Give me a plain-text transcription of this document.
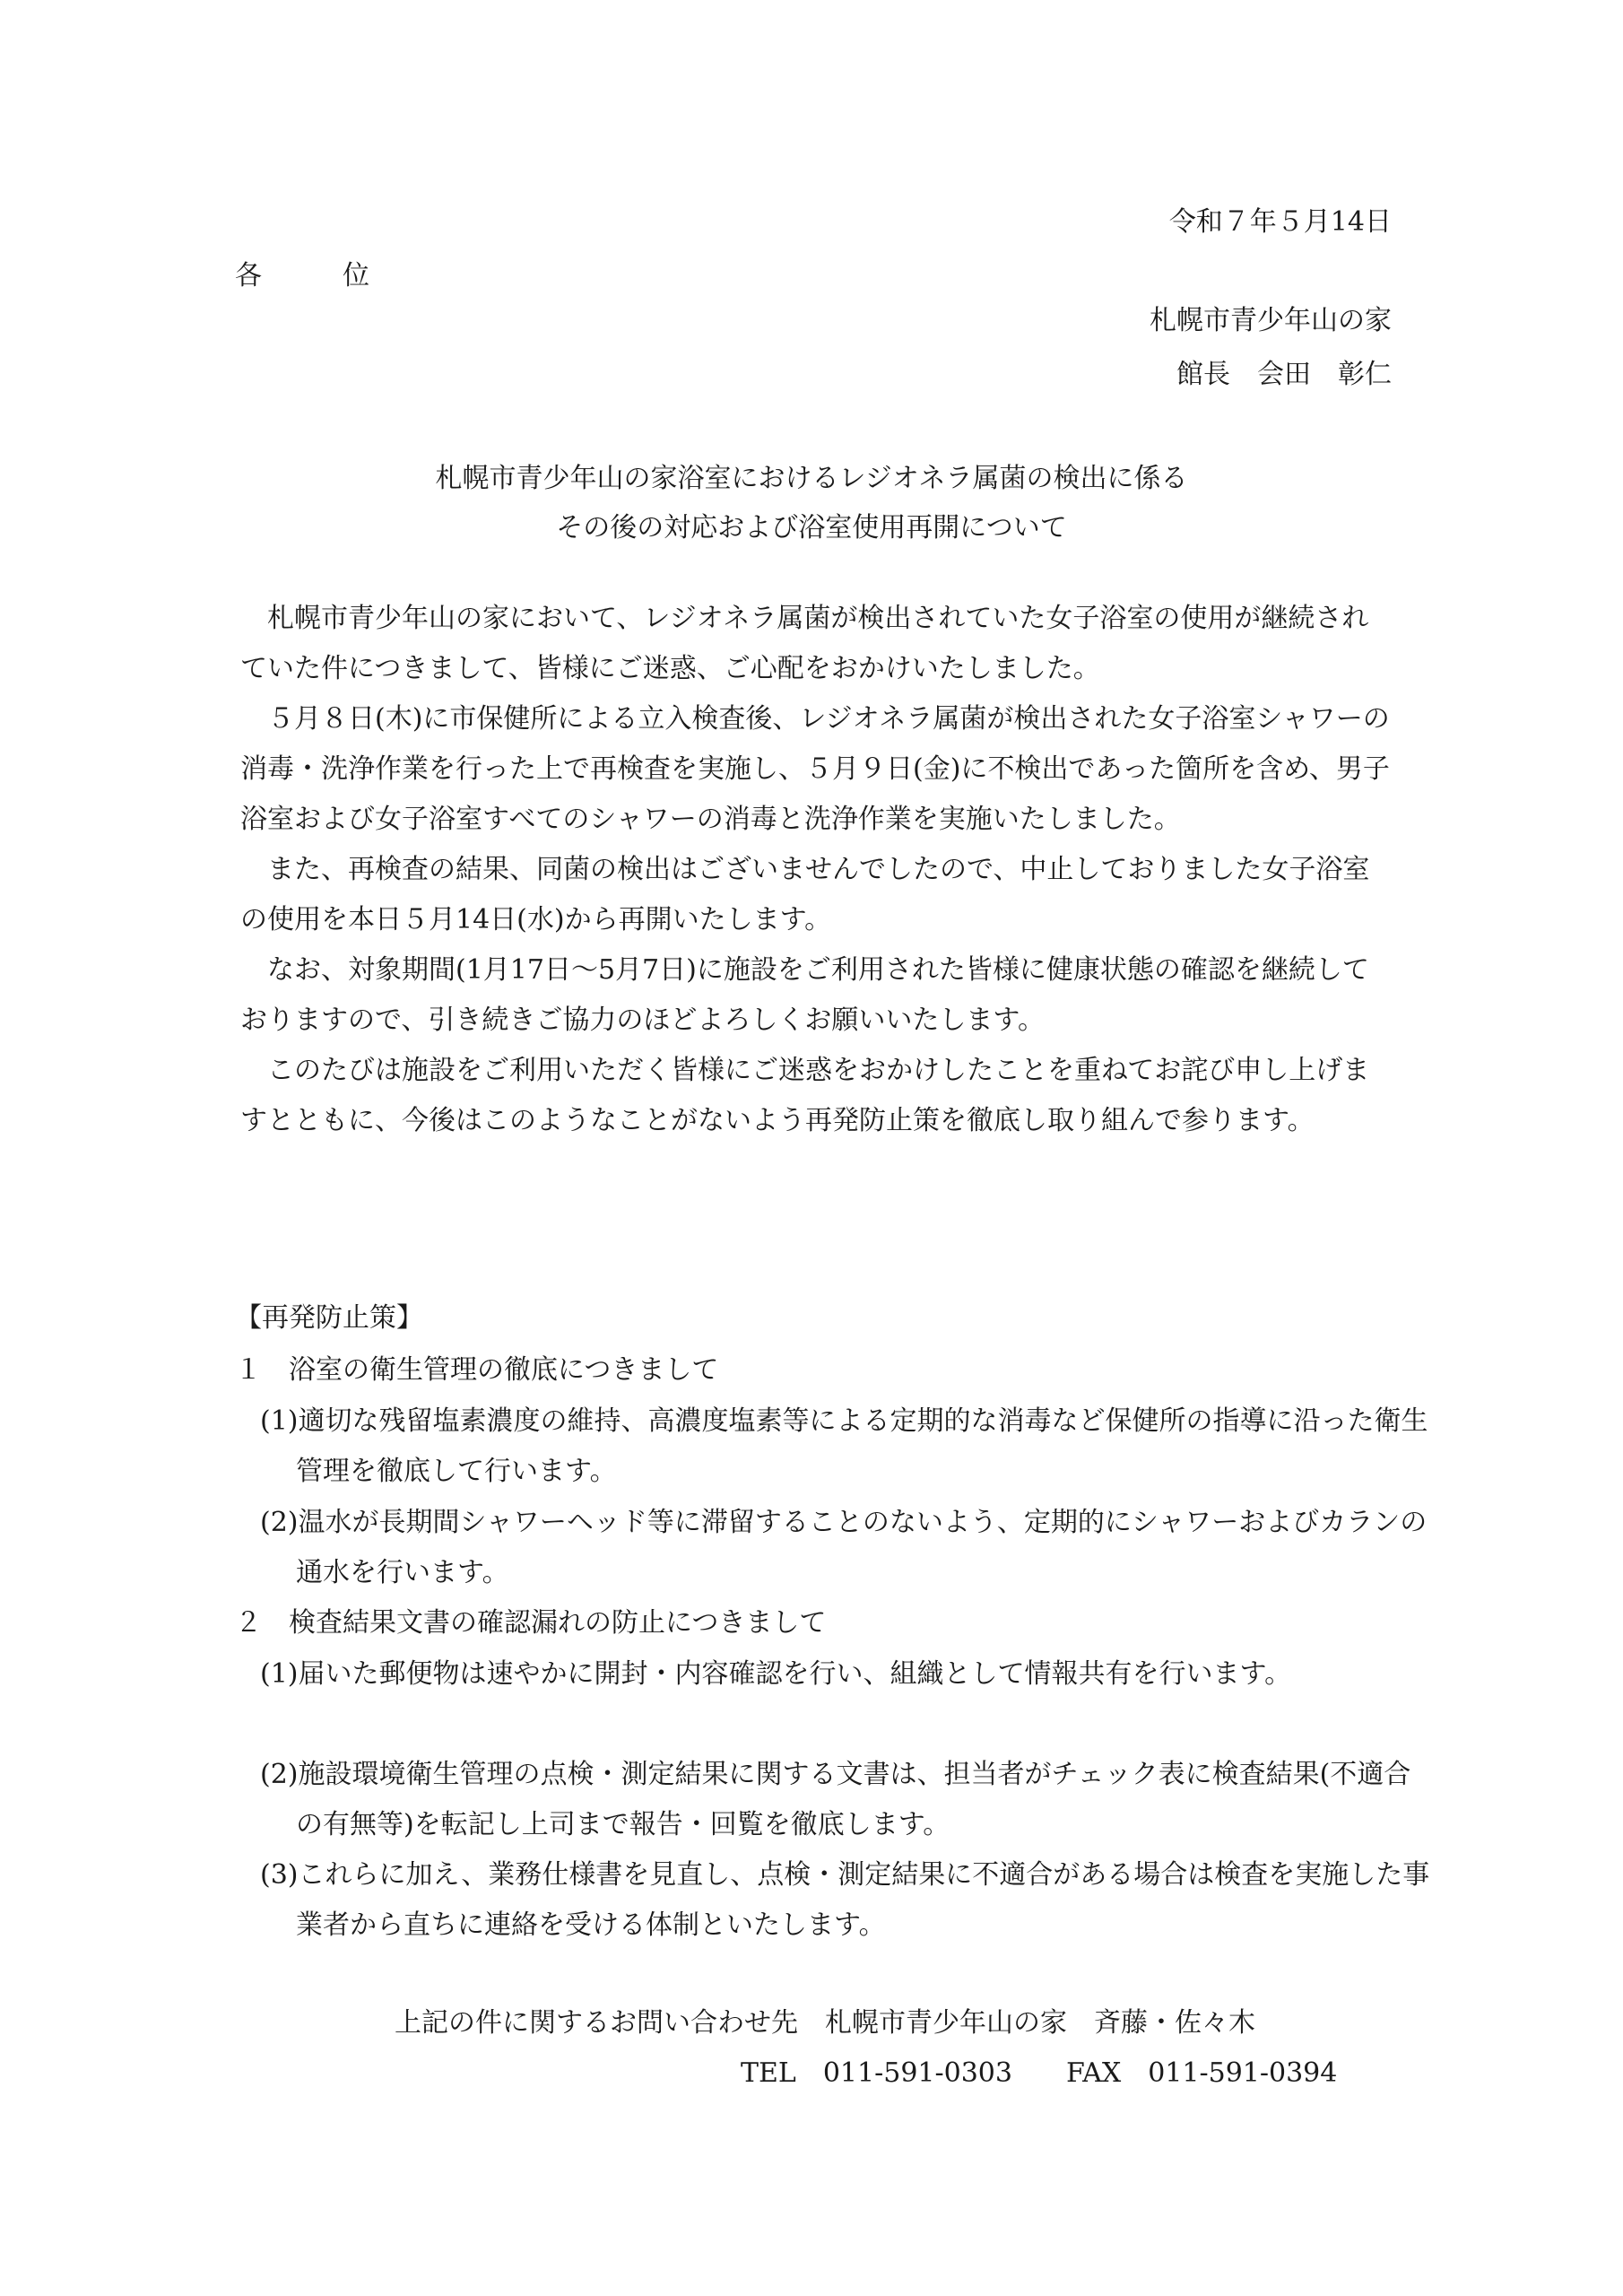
令和７年５月14日
各　　　位
札幌市青少年山の家
館長　会田　彰仁
札幌市青少年山の家浴室におけるレジオネラ属菌の検出に係る
その後の対応および浴室使用再開について

札幌市青少年山の家において、レジオネラ属菌が検出されていた女子浴室の使用が継続されていた件につきまして、皆様にご迷惑、ご心配をおかけいたしました。

５月８日(木)に市保健所による立入検査後、レジオネラ属菌が検出された女子浴室シャワーの消毒・洗浄作業を行った上で再検査を実施し、５月９日(金)に不検出であった箇所を含め、男子浴室および女子浴室すべてのシャワーの消毒と洗浄作業を実施いたしました。

また、再検査の結果、同菌の検出はございませんでしたので、中止しておりました女子浴室の使用を本日５月14日(水)から再開いたします。

なお、対象期間(1月17日～5月7日)に施設をご利用された皆様に健康状態の確認を継続しておりますので、引き続きご協力のほどよろしくお願いいたします。

このたびは施設をご利用いただく皆様にご迷惑をおかけしたことを重ねてお詫び申し上げますとともに、今後はこのようなことがないよう再発防止策を徹底し取り組んで参ります。

【再発防止策】
１　浴室の衛生管理の徹底につきまして
(1)適切な残留塩素濃度の維持、高濃度塩素等による定期的な消毒など保健所の指導に沿った衛生管理を徹底して行います。
(2)温水が長期間シャワーヘッド等に滞留することのないよう、定期的にシャワーおよびカランの通水を行います。
２　検査結果文書の確認漏れの防止につきまして
(1)届いた郵便物は速やかに開封・内容確認を行い、組織として情報共有を行います。
(2)施設環境衛生管理の点検・測定結果に関する文書は、担当者がチェック表に検査結果(不適合の有無等)を転記し上司まで報告・回覧を徹底します。
(3)これらに加え、業務仕様書を見直し、点検・測定結果に不適合がある場合は検査を実施した事業者から直ちに連絡を受ける体制といたします。
上記の件に関するお問い合わせ先　札幌市青少年山の家　斉藤・佐々木
TEL　011-591-0303　　FAX　011-591-0394
